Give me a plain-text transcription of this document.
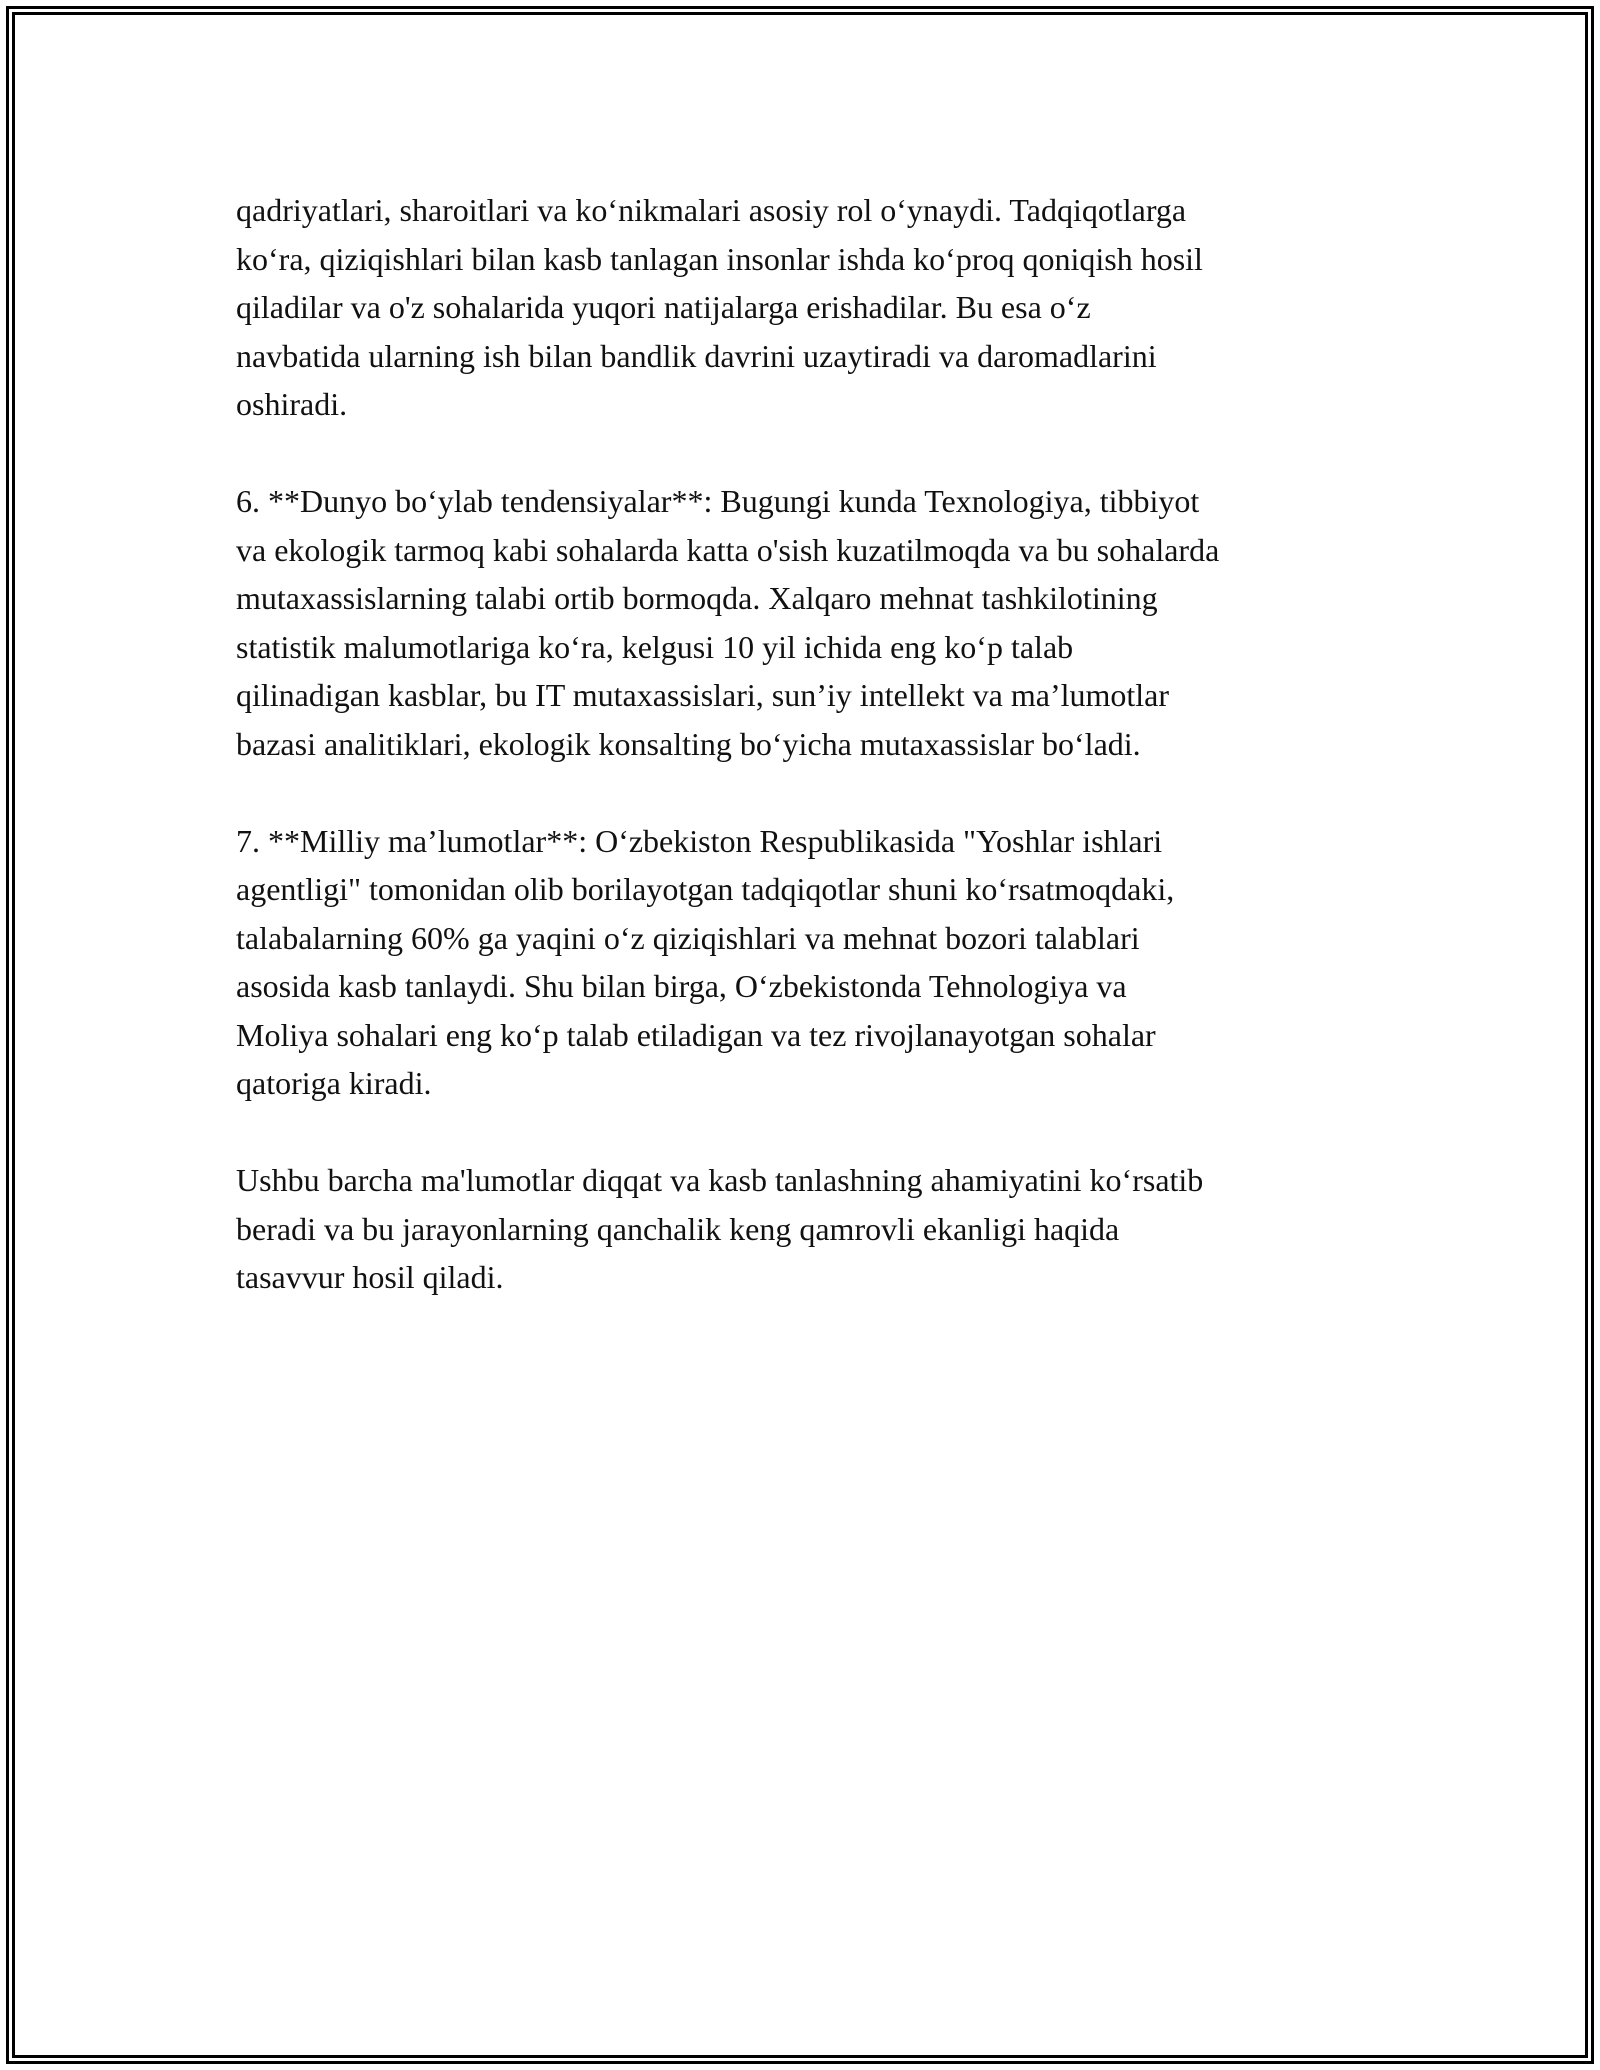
qadriyatlari, sharoitlari va ko‘nikmalari asosiy rol o‘ynaydi. Tadqiqotlarga
ko‘ra, qiziqishlari bilan kasb tanlagan insonlar ishda ko‘proq qoniqish hosil
qiladilar va o'z sohalarida yuqori natijalarga erishadilar. Bu esa o‘z
navbatida ularning ish bilan bandlik davrini uzaytiradi va daromadlarini
oshiradi.

6. **Dunyo bo‘ylab tendensiyalar**: Bugungi kunda Texnologiya, tibbiyot
va ekologik tarmoq kabi sohalarda katta o'sish kuzatilmoqda va bu sohalarda
mutaxassislarning talabi ortib bormoqda. Xalqaro mehnat tashkilotining
statistik malumotlariga ko‘ra, kelgusi 10 yil ichida eng ko‘p talab
qilinadigan kasblar, bu IT mutaxassislari, sun’iy intellekt va ma’lumotlar
bazasi analitiklari, ekologik konsalting bo‘yicha mutaxassislar bo‘ladi.

7. **Milliy ma’lumotlar**: O‘zbekiston Respublikasida "Yoshlar ishlari
agentligi" tomonidan olib borilayotgan tadqiqotlar shuni ko‘rsatmoqdaki,
talabalarning 60% ga yaqini o‘z qiziqishlari va mehnat bozori talablari
asosida kasb tanlaydi. Shu bilan birga, O‘zbekistonda Tehnologiya va
Moliya sohalari eng ko‘p talab etiladigan va tez rivojlanayotgan sohalar
qatoriga kiradi.

Ushbu barcha ma'lumotlar diqqat va kasb tanlashning ahamiyatini ko‘rsatib
beradi va bu jarayonlarning qanchalik keng qamrovli ekanligi haqida
tasavvur hosil qiladi.
